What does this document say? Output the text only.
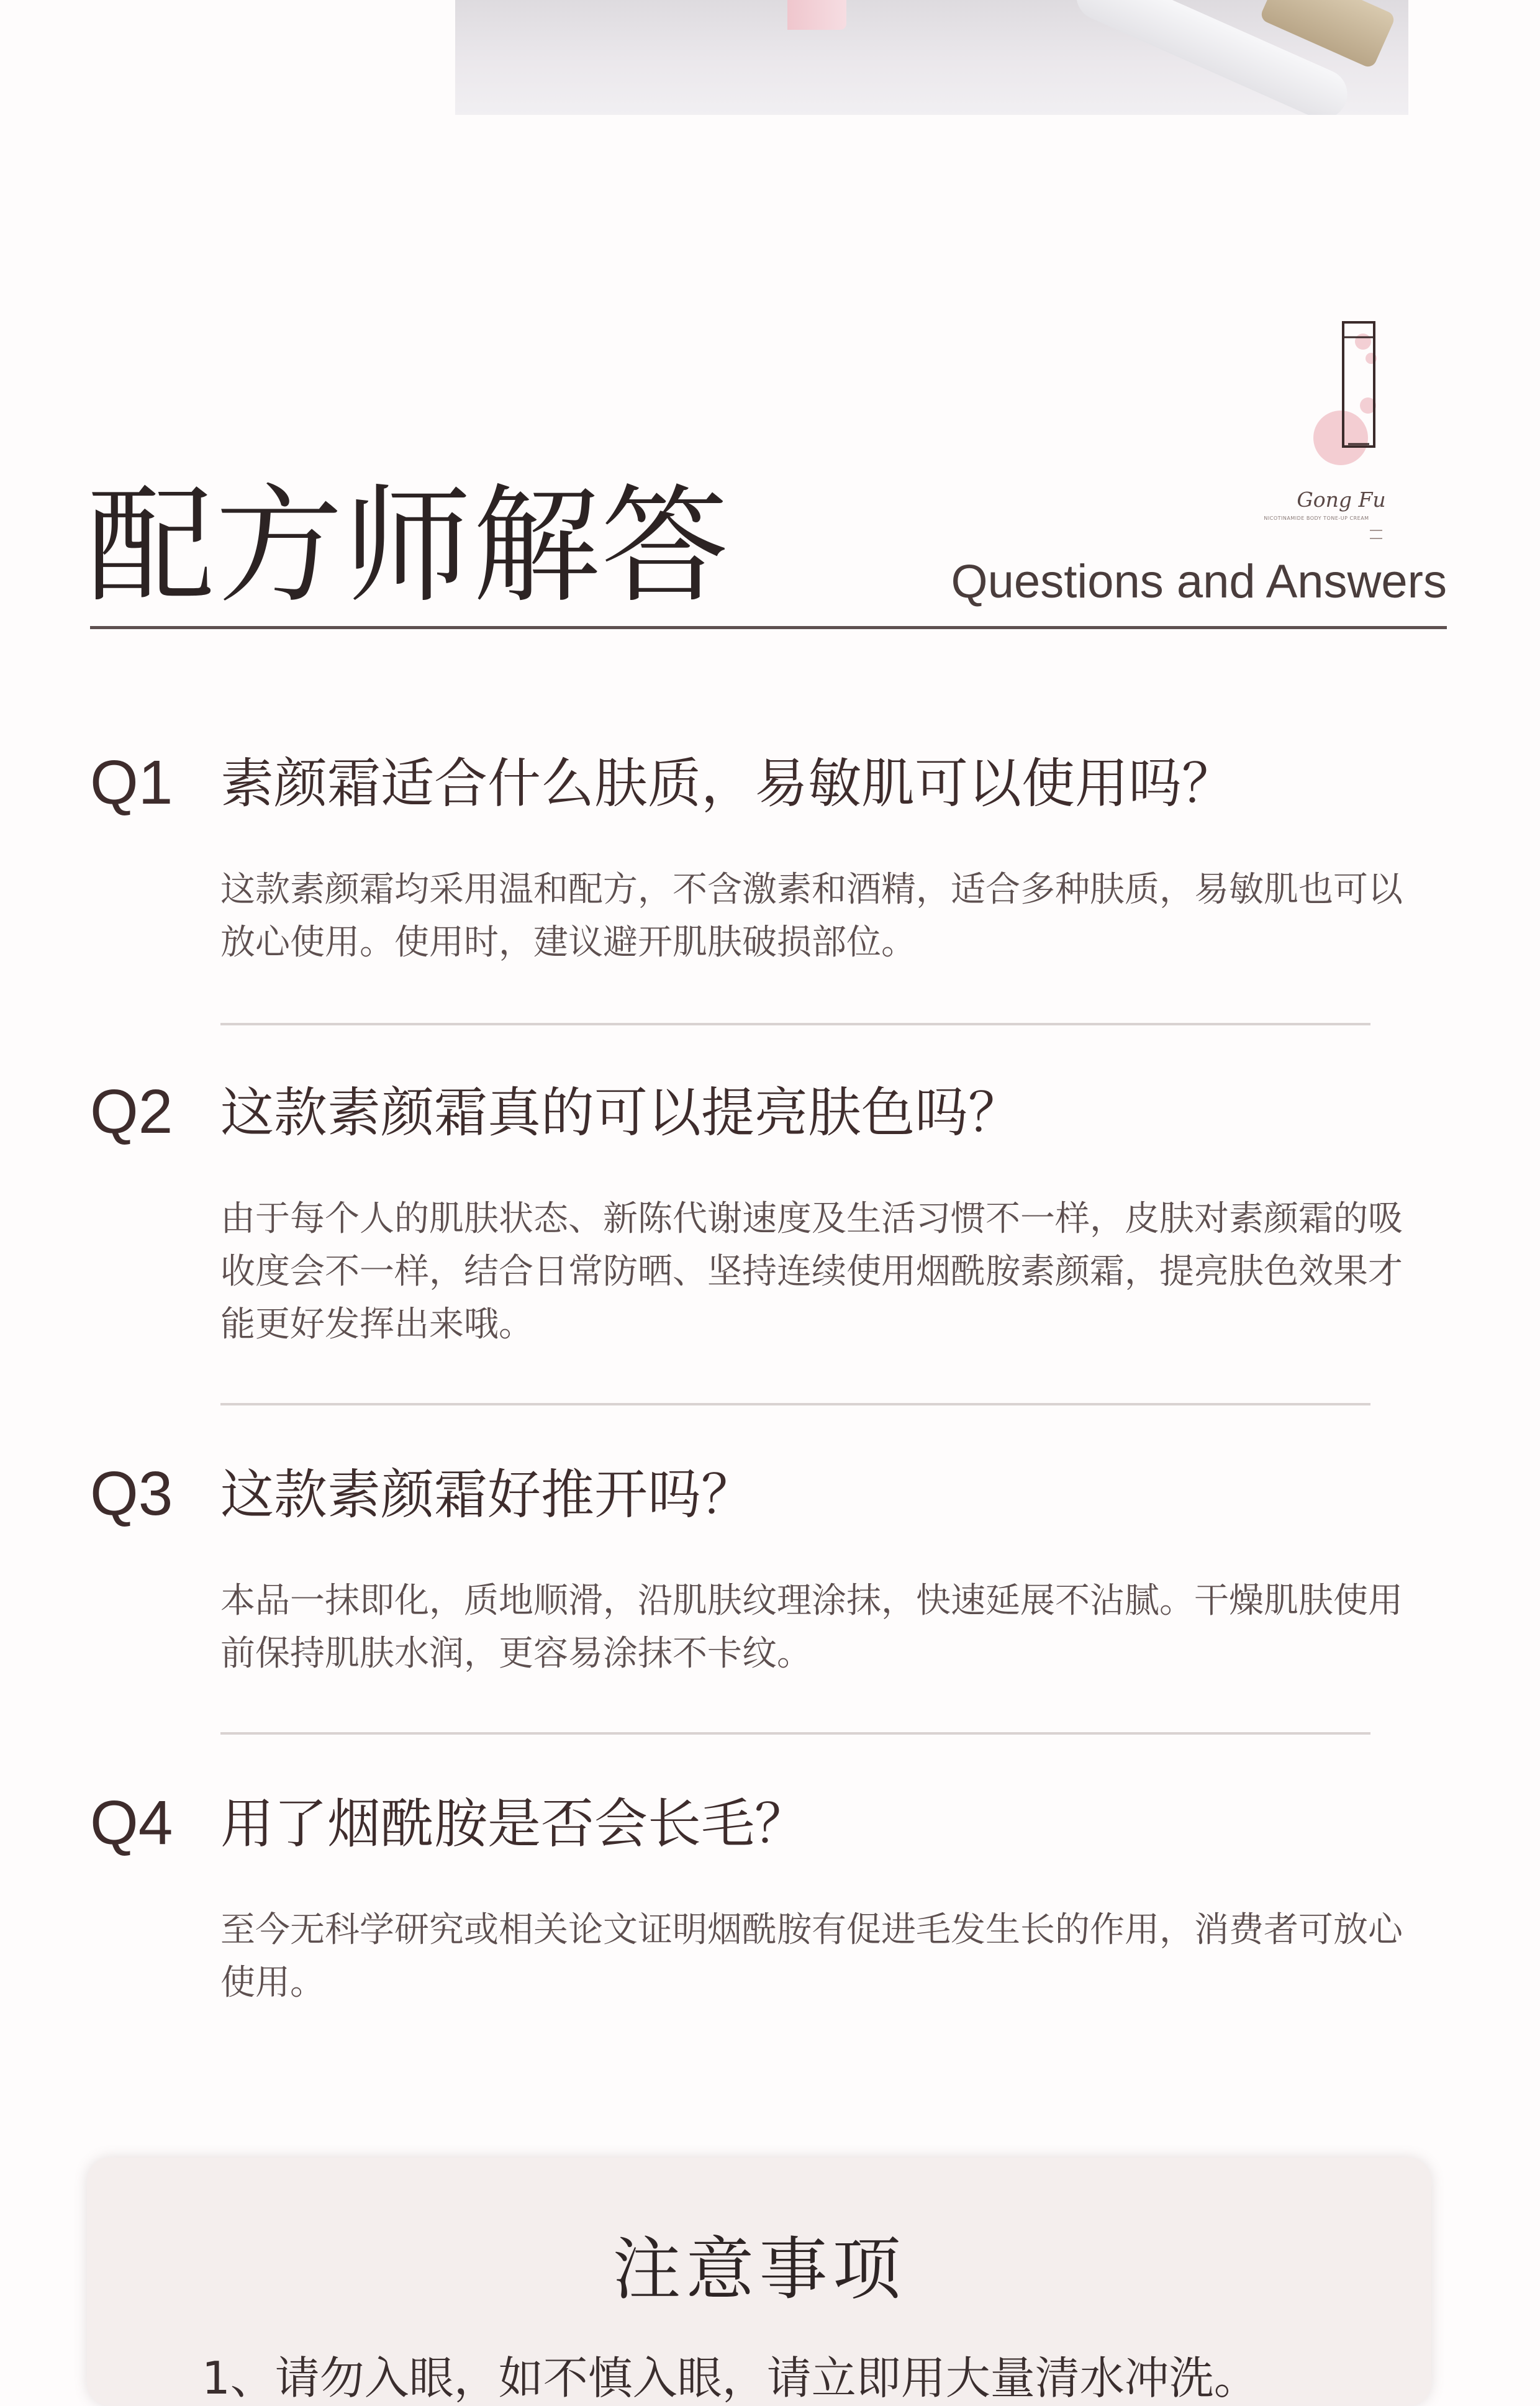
Gong Fu
NICOTINAMIDE BODY TONE-UP CREAM
配方师解答	Questions and Answers
Q1 素颜霜适合什么肤质，易敏肌可以使用吗？

这款素颜霜均采用温和配方，不含激素和酒精，适合多种肤质，易敏肌也可以放心使用。使用时，建议避开肌肤破损部位。

Q2 这款素颜霜真的可以提亮肤色吗？

由于每个人的肌肤状态、新陈代谢速度及生活习惯不一样，皮肤对素颜霜的吸收度会不一样，结合日常防晒、坚持连续使用烟酰胺素颜霜，提亮肤色效果才能更好发挥出来哦。

Q3 这款素颜霜好推开吗？

本品一抹即化，质地顺滑，沿肌肤纹理涂抹，快速延展不沾腻。干燥肌肤使用前保持肌肤水润，更容易涂抹不卡纹。

Q4 用了烟酰胺是否会长毛？

至今无科学研究或相关论文证明烟酰胺有促进毛发生长的作用，消费者可放心使用。

注意事项
1、请勿入眼，如不慎入眼，请立即用大量清水冲洗。
